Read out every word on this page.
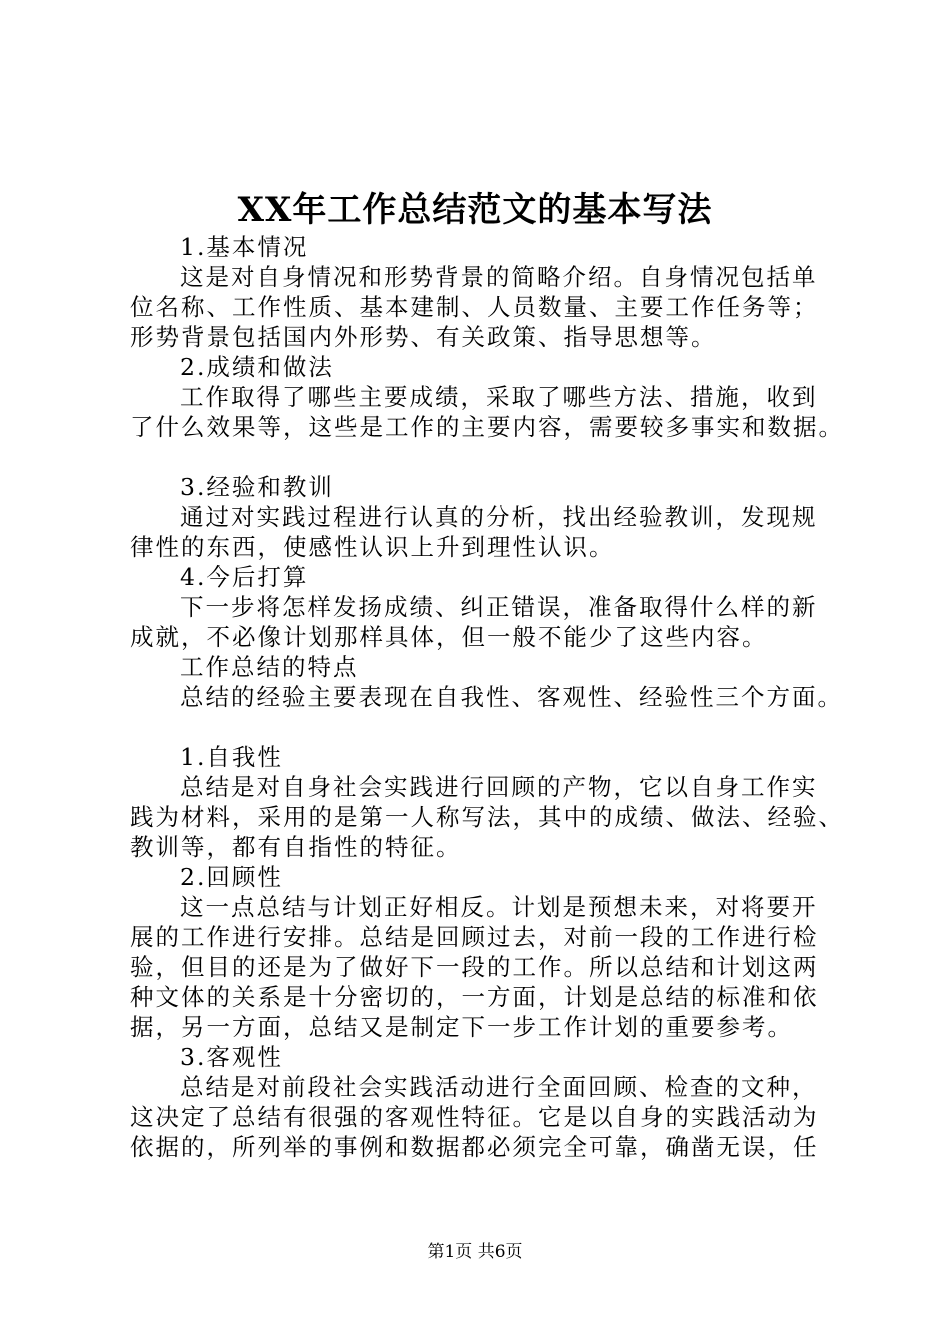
XX年工作总结范文的基本写法
1.基本情况
这是对自身情况和形势背景的简略介绍。自身情况包括单
位名称、工作性质、基本建制、人员数量、主要工作任务等；
形势背景包括国内外形势、有关政策、指导思想等。
2.成绩和做法
工作取得了哪些主要成绩，采取了哪些方法、措施，收到
了什么效果等，这些是工作的主要内容，需要较多事实和数据。
3.经验和教训
通过对实践过程进行认真的分析，找出经验教训，发现规
律性的东西，使感性认识上升到理性认识。
4.今后打算
下一步将怎样发扬成绩、纠正错误，准备取得什么样的新
成就，不必像计划那样具体，但一般不能少了这些内容。
工作总结的特点
总结的经验主要表现在自我性、客观性、经验性三个方面。
1.自我性
总结是对自身社会实践进行回顾的产物，它以自身工作实
践为材料，采用的是第一人称写法，其中的成绩、做法、经验、
教训等，都有自指性的特征。
2.回顾性
这一点总结与计划正好相反。计划是预想未来，对将要开
展的工作进行安排。总结是回顾过去，对前一段的工作进行检
验，但目的还是为了做好下一段的工作。所以总结和计划这两
种文体的关系是十分密切的，一方面，计划是总结的标准和依
据，另一方面，总结又是制定下一步工作计划的重要参考。
3.客观性
总结是对前段社会实践活动进行全面回顾、检查的文种，
这决定了总结有很强的客观性特征。它是以自身的实践活动为
依据的，所列举的事例和数据都必须完全可靠，确凿无误，任
第1页 共6页
